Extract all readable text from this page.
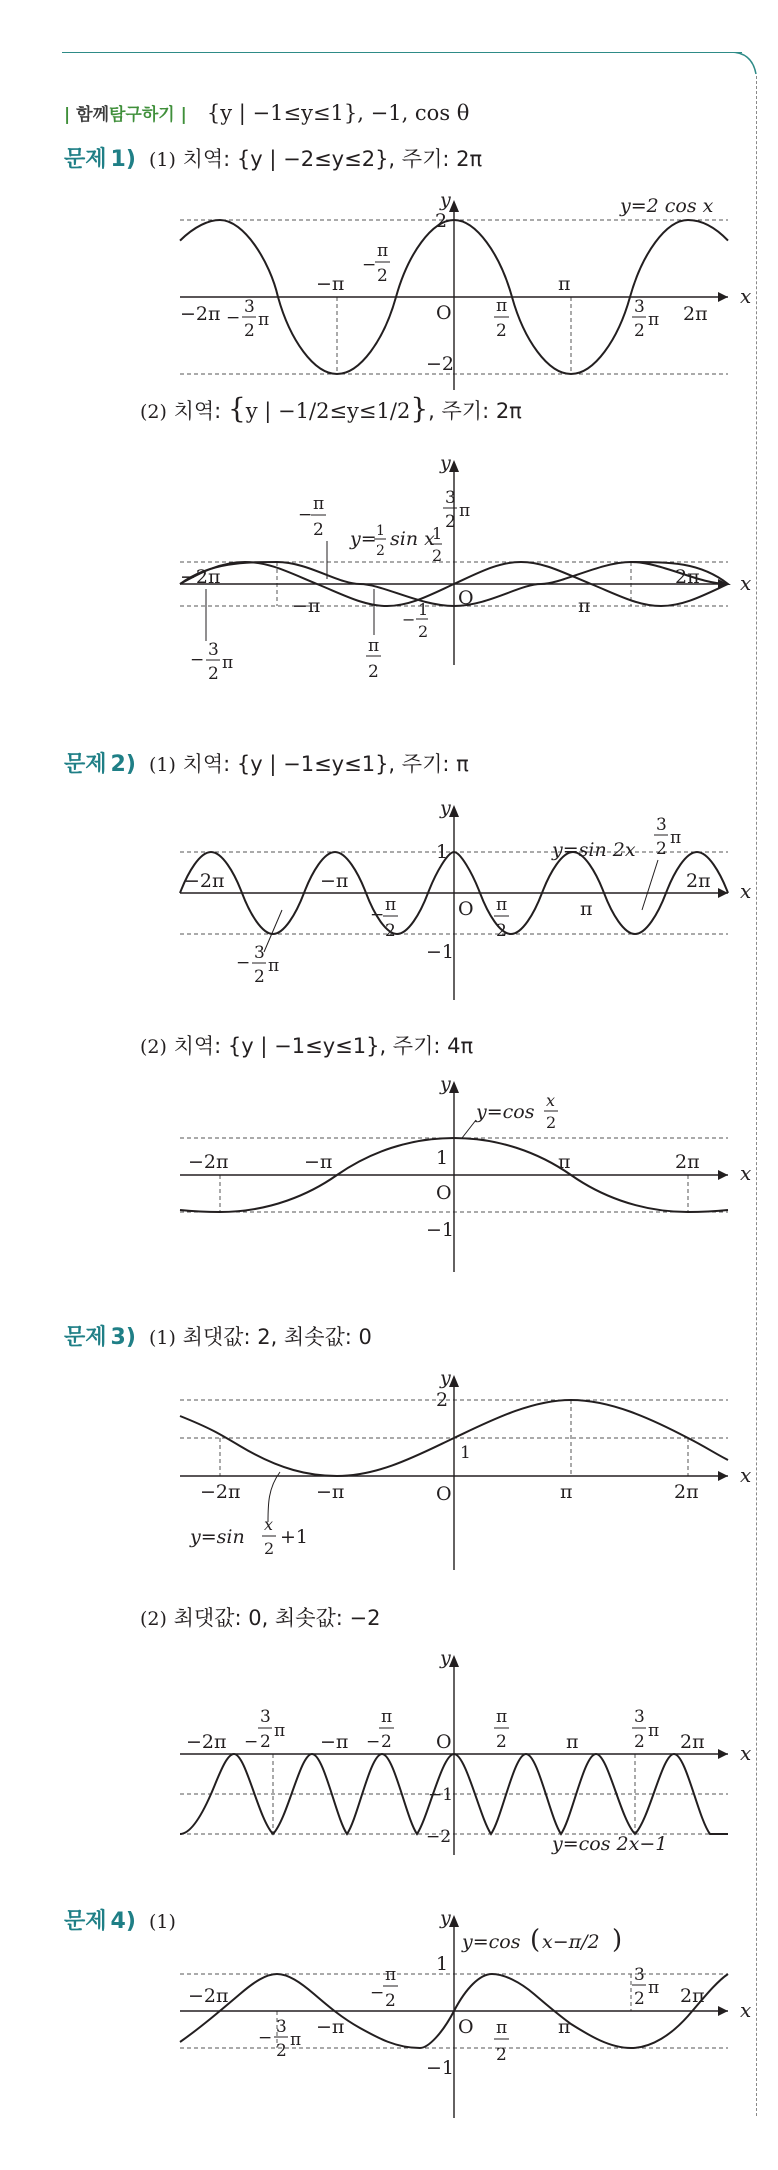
| 함께탐구하기 | {y | −1≤y≤1}, −1, cos θ
문제 1) (1) 치역: {y | −2≤y≤2}, 주기: 2π
x
y
2
−2
O
y=2 cos x
−2π
−π	π
2π
−
π
2
π
2
−
3
2
π
3
2
π
(2) 치역: {y | −1/2≤y≤1/2}, 주기: 2π
x
y
O
y= 1
2
sin x
1
2
−
1
2
−2π
−π	π
2π
−
π
2
π
2
− 3
2
π
3
2
π
문제 2) (1) 치역: {y | −1≤y≤1}, 주기: π
x
y
1
−1
O
y=sin 2x
−2π	−π
π
2π
− π
2
π
2
− 3
2
π
3
2
π
(2) 치역: {y | −1≤y≤1}, 주기: 4π
x
y
1
−1
O
y=cos
x
2
−2π	−π	π	2π
문제 3) (1) 최댓값: 2, 최솟값: 0
x
y
2
1
O
−2π	−π	π	2π
y=sin
x
2
+1
(2) 최댓값: 0, 최솟값: −2
x
y
O
−1
−2	y=cos 2x−1
−2π	−π	π	2π
−
3
2
π
−
π
2
π
2
3
2
π
문제 4) (1)
x
y
1
−1
O
y=cos ( x−π/2 )
−2π
−π	π
2π
−
π
2
π
2
−
3
2
π
3
2
π
